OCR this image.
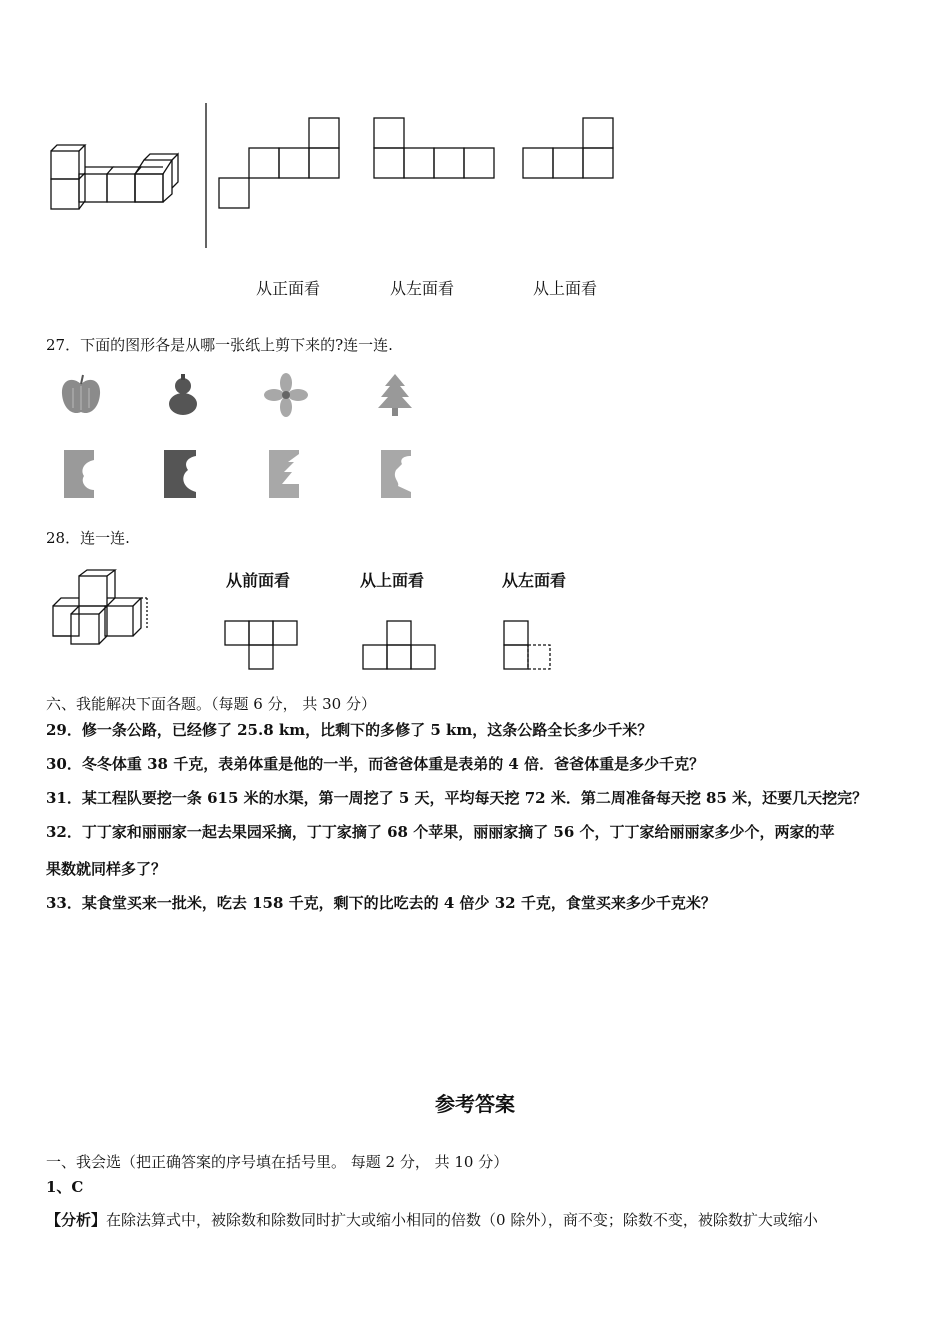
从正面看	从左面看	从上面看
27．下面的图形各是从哪一张纸上剪下来的?连一连.
28．连一连.
从前面看	从上面看	从左面看
六、我能解决下面各题。（每题 6 分， 共 30 分）
29．修一条公路，已经修了 25.8 km，比剩下的多修了 5 km，这条公路全长多少千米？
30．冬冬体重 38 千克，表弟体重是他的一半，而爸爸体重是表弟的 4 倍．爸爸体重是多少千克？
31．某工程队要挖一条 615 米的水渠，第一周挖了 5 天，平均每天挖 72 米．第二周准备每天挖 85 米，还要几天挖完？
32．丁丁家和丽丽家一起去果园采摘，丁丁家摘了 68 个苹果，丽丽家摘了 56 个，丁丁家给丽丽家多少个，两家的苹
果数就同样多了？
33．某食堂买来一批米，吃去 158 千克，剩下的比吃去的 4 倍少 32 千克，食堂买来多少千克米？
参考答案
一、我会选（把正确答案的序号填在括号里。 每题 2 分， 共 10 分）
1、C
【分析】在除法算式中，被除数和除数同时扩大或缩小相同的倍数（0 除外），商不变；除数不变，被除数扩大或缩小
